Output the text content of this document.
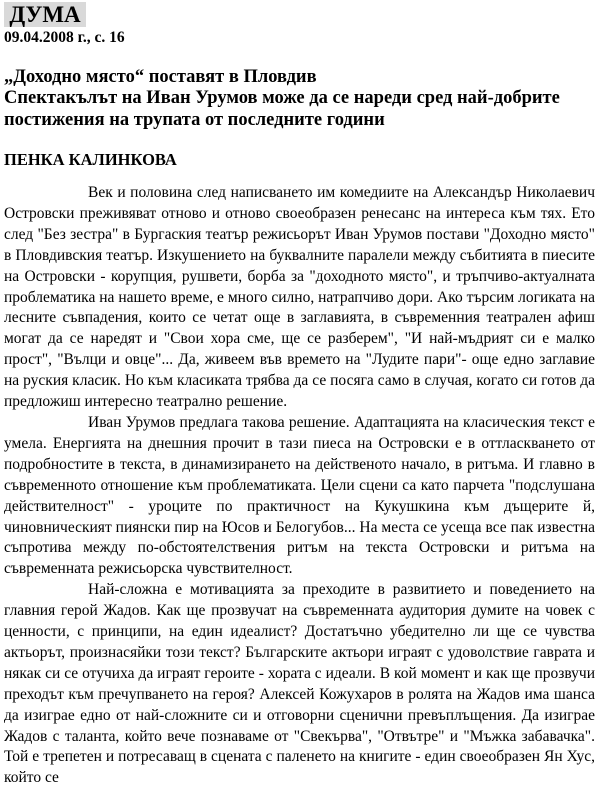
ДУМА
09.04.2008 г., с. 16
„Доходно място“ поставят в Пловдив
Спектакълът на Иван Урумов може да се нареди сред най-добрите постижения на трупата от последните години
ПЕНКА КАЛИНКОВА

Век и половина след написването им комедиите на Александър Николаевич Островски преживяват отново и отново своеобразен ренесанс на интереса към тях. Ето след "Без зестра" в Бургаския театър режисьорът Иван Урумов постави "Доходно място" в Пловдивския театър. Изкушението на буквалните паралели между събитията в пиесите на Островски - корупция, рушвети, борба за "доходното място", и тръпчиво-актуалната проблематика на нашето време, е много силно, натрапчиво дори. Ако търсим логиката на лесните съвпадения, които се четат още в заглавията, в съвременния театрален афиш могат да се наредят и "Свои хора сме, ще се разберем", "И най-мъдрият си е малко прост", "Вълци и овце"... Да, живеем във времето на "Лудите пари"- още едно заглавие на руския класик. Но към класиката трябва да се посяга само в случая, когато си готов да предложиш интересно театрално решение.

Иван Урумов предлага такова решение. Адаптацията на класическия текст е умела. Енергията на днешния прочит в тази пиеса на Островски е в оттласкването от подробностите в текста, в динамизирането на действеното начало, в ритъма. И главно в съвременното отношение към проблематиката. Цели сцени са като парчета "подслушана действителност" - уроците по практичност на Кукушкина към дъщерите й, чиновническият пиянски пир на Юсов и Белогубов... На места се усеща все пак известна съпротива между по-обстоятелствения ритъм на текста Островски и ритъма на съвременната режисьорска чувствителност.

Най-сложна е мотивацията за преходите в развитието и поведението на главния герой Жадов. Как ще прозвучат на съвременната аудитория думите на човек с ценности, с принципи, на един идеалист? Достатъчно убедително ли ще се чувства актьорът, произнасяйки този текст? Българските актьори играят с удоволствие гаврата и някак си се отучиха да играят героите - хората с идеали. В кой момент и как ще прозвучи преходът към пречупването на героя? Алексей Кожухаров в ролята на Жадов има шанса да изиграе едно от най-сложните си и отговорни сценични превъплъщения. Да изиграе Жадов с таланта, който вече познаваме от "Свекърва", "Отвътре" и "Мъжка забавачка". Той е трепетен и потресаващ в сцената с паленето на книгите - един своеобразен Ян Хус, който се
